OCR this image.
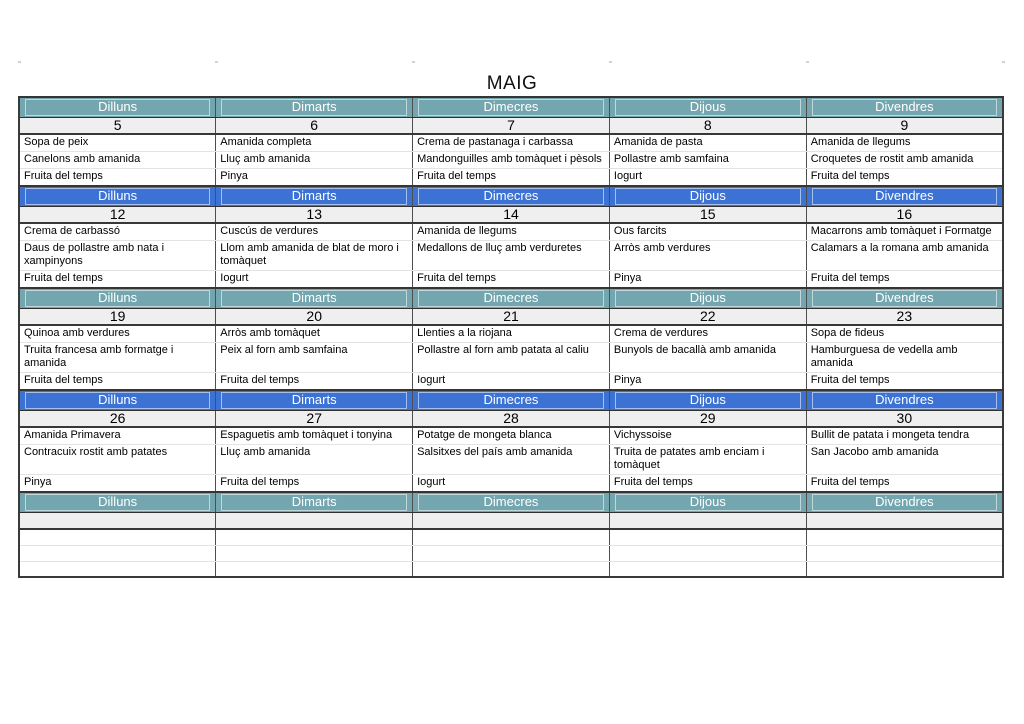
MAIG
Dilluns	Dimarts	Dimecres	Dijous	Divendres

5	6	7	8	9
Sopa de peix	Amanida completa	Crema de pastanaga i carbassa	Amanida de pasta	Amanida de llegums
Canelons amb amanida	Lluç amb amanida	Mandonguilles amb tomàquet i pèsols	Pollastre amb samfaina	Croquetes de rostit amb amanida
Fruita del temps	Pinya	Fruita del temps	Iogurt	Fruita del temps

Dilluns	Dimarts	Dimecres	Dijous	Divendres

12	13	14	15	16
Crema de carbassó	Cuscús de verdures	Amanida de llegums	Ous farcits	Macarrons amb tomàquet i Formatge
Daus de pollastre amb nata i xampinyons	Llom amb amanida de blat de moro i tomàquet	Medallons de lluç amb verduretes	Arròs amb verdures	Calamars a la romana amb amanida
Fruita del temps	Iogurt	Fruita del temps	Pinya	Fruita del temps

Dilluns	Dimarts	Dimecres	Dijous	Divendres

19	20	21	22	23
Quinoa amb verdures	Arròs amb tomàquet	Llenties a la riojana	Crema de verdures	Sopa de fideus
Truita francesa amb formatge i amanida	Peix al forn amb samfaina	Pollastre al forn amb patata al caliu	Bunyols de bacallà amb amanida	Hamburguesa de vedella amb amanida
Fruita del temps	Fruita del temps	Iogurt	Pinya	Fruita del temps

Dilluns	Dimarts	Dimecres	Dijous	Divendres

26	27	28	29	30
Amanida Primavera	Espaguetis amb tomàquet i tonyina	Potatge de mongeta blanca	Vichyssoise	Bullit de patata i mongeta tendra
Contracuix rostit amb patates	Lluç amb amanida	Salsitxes del país amb amanida	Truita de patates amb enciam i tomàquet	San Jacobo amb amanida
Pinya	Fruita del temps	Iogurt	Fruita del temps	Fruita del temps

Dilluns	Dimarts	Dimecres	Dijous	Divendres
